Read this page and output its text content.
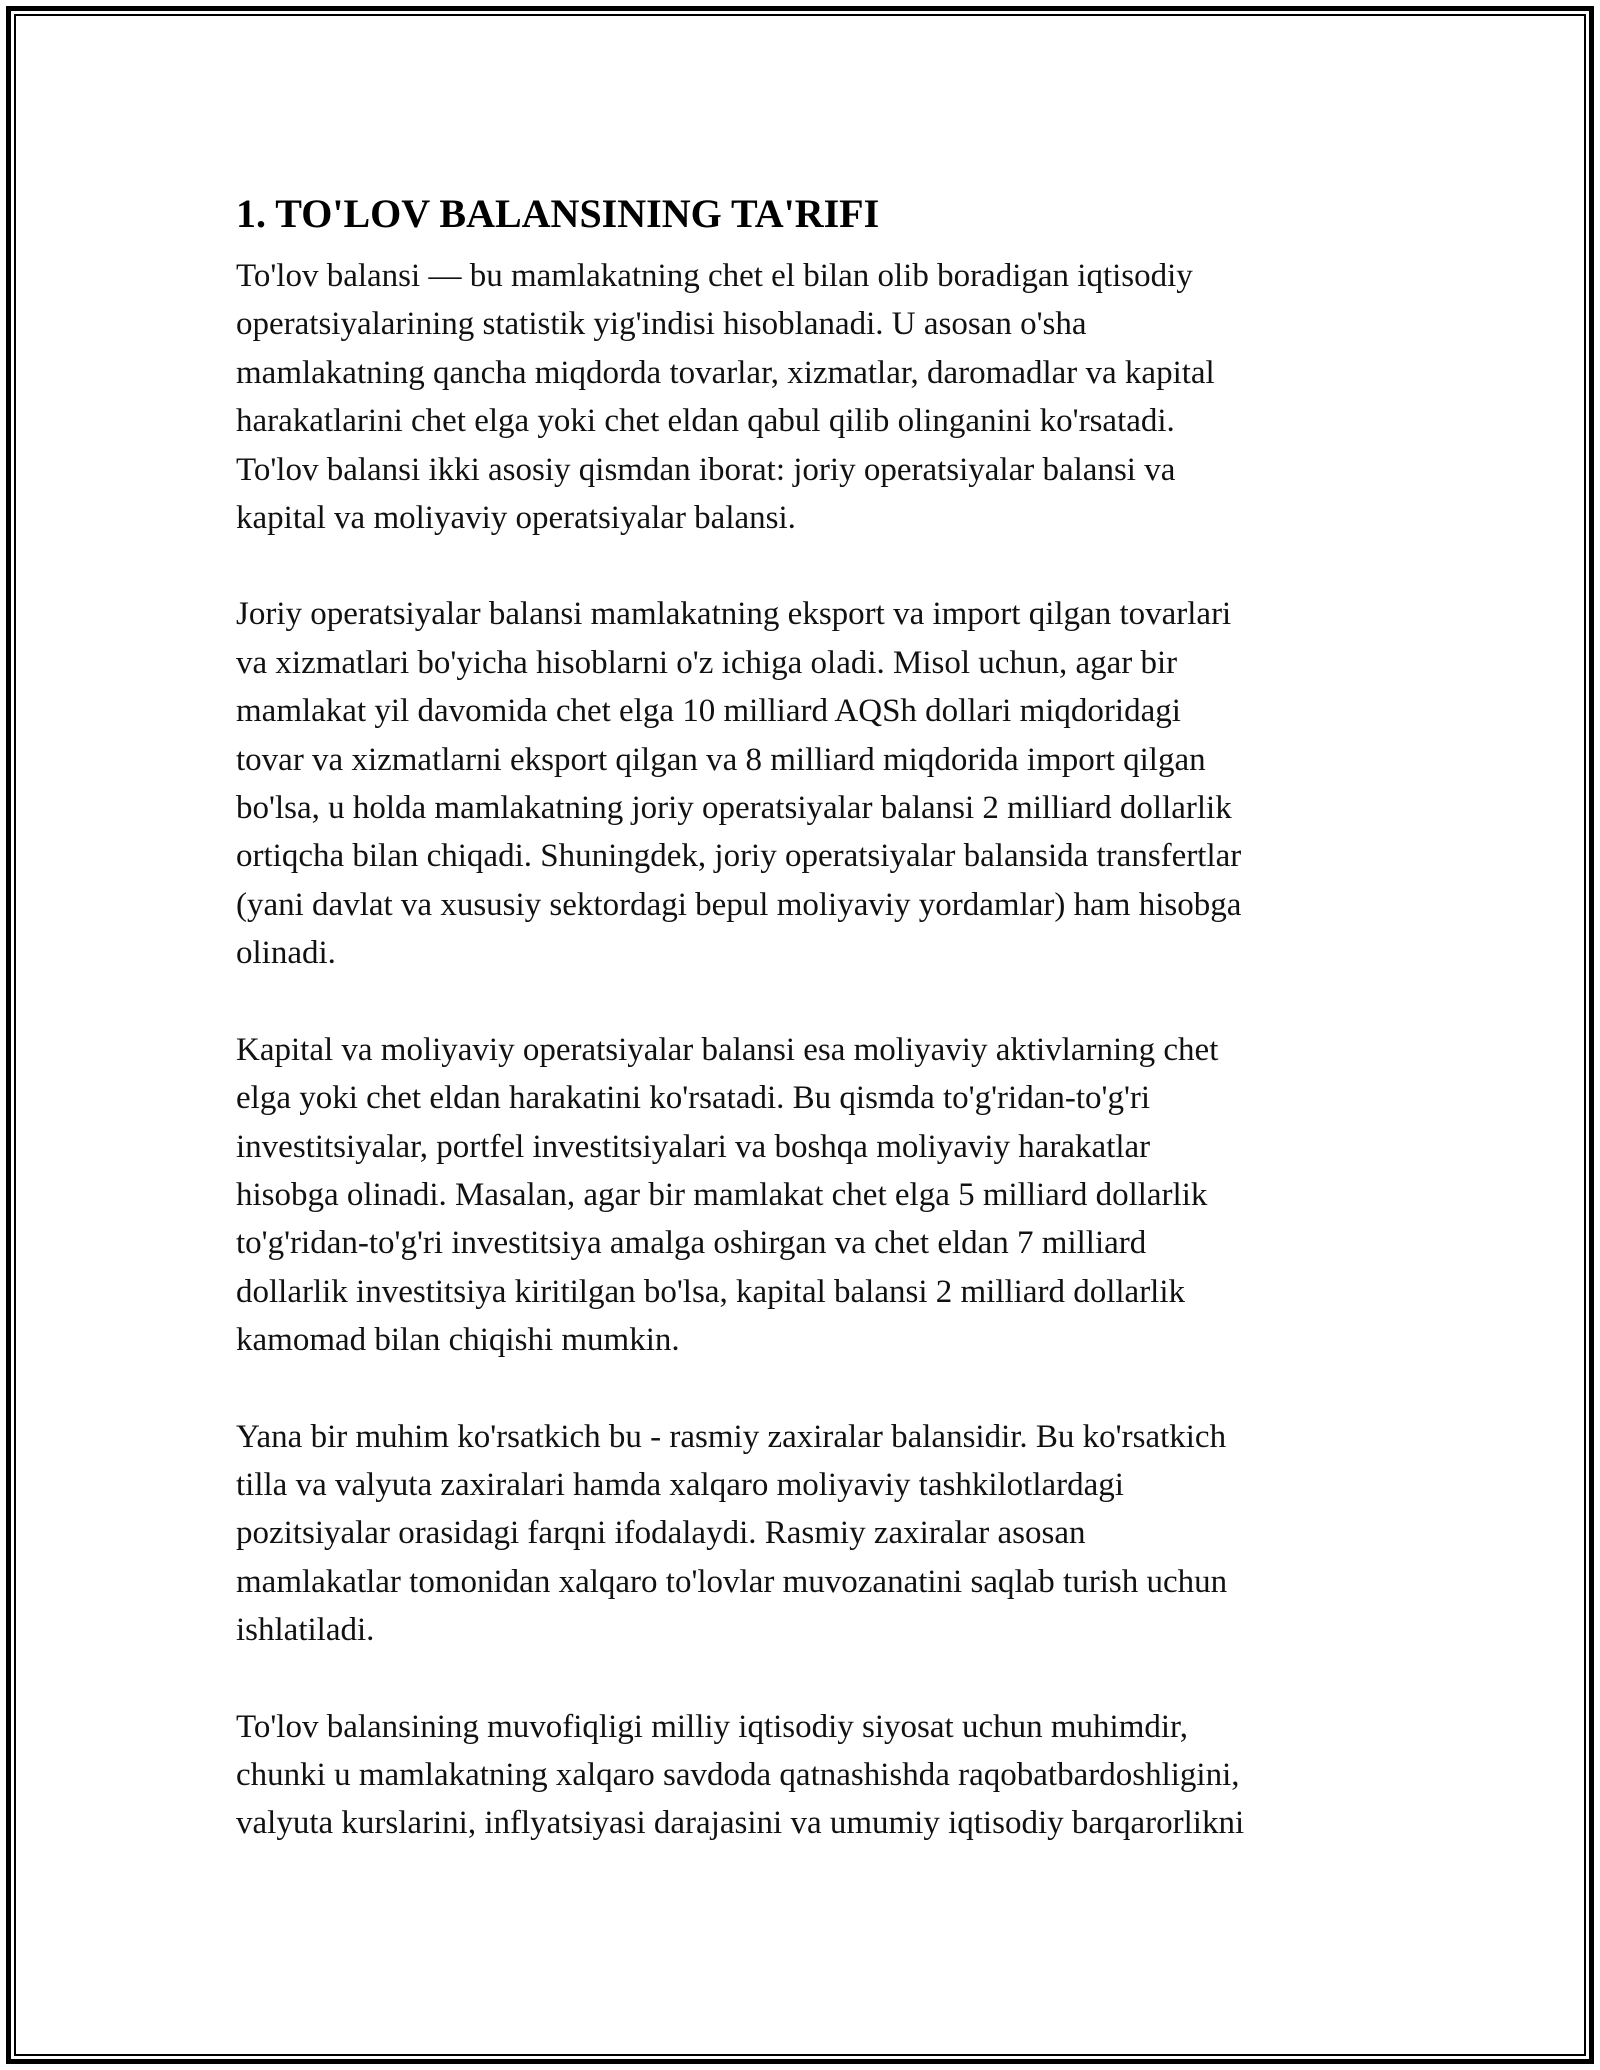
1. TO'LOV BALANSINING TA'RIFI

To'lov balansi — bu mamlakatning chet el bilan olib boradigan iqtisodiy
operatsiyalarining statistik yig'indisi hisoblanadi. U asosan o'sha
mamlakatning qancha miqdorda tovarlar, xizmatlar, daromadlar va kapital
harakatlarini chet elga yoki chet eldan qabul qilib olinganini ko'rsatadi.
To'lov balansi ikki asosiy qismdan iborat: joriy operatsiyalar balansi va
kapital va moliyaviy operatsiyalar balansi.

Joriy operatsiyalar balansi mamlakatning eksport va import qilgan tovarlari
va xizmatlari bo'yicha hisoblarni o'z ichiga oladi. Misol uchun, agar bir
mamlakat yil davomida chet elga 10 milliard AQSh dollari miqdoridagi
tovar va xizmatlarni eksport qilgan va 8 milliard miqdorida import qilgan
bo'lsa, u holda mamlakatning joriy operatsiyalar balansi 2 milliard dollarlik
ortiqcha bilan chiqadi. Shuningdek, joriy operatsiyalar balansida transfertlar
(yani davlat va xususiy sektordagi bepul moliyaviy yordamlar) ham hisobga
olinadi.

Kapital va moliyaviy operatsiyalar balansi esa moliyaviy aktivlarning chet
elga yoki chet eldan harakatini ko'rsatadi. Bu qismda to'g'ridan-to'g'ri
investitsiyalar, portfel investitsiyalari va boshqa moliyaviy harakatlar
hisobga olinadi. Masalan, agar bir mamlakat chet elga 5 milliard dollarlik
to'g'ridan-to'g'ri investitsiya amalga oshirgan va chet eldan 7 milliard
dollarlik investitsiya kiritilgan bo'lsa, kapital balansi 2 milliard dollarlik
kamomad bilan chiqishi mumkin.

Yana bir muhim ko'rsatkich bu - rasmiy zaxiralar balansidir. Bu ko'rsatkich
tilla va valyuta zaxiralari hamda xalqaro moliyaviy tashkilotlardagi
pozitsiyalar orasidagi farqni ifodalaydi. Rasmiy zaxiralar asosan
mamlakatlar tomonidan xalqaro to'lovlar muvozanatini saqlab turish uchun
ishlatiladi.

To'lov balansining muvofiqligi milliy iqtisodiy siyosat uchun muhimdir,
chunki u mamlakatning xalqaro savdoda qatnashishda raqobatbardoshligini,
valyuta kurslarini, inflyatsiyasi darajasini va umumiy iqtisodiy barqarorlikni
